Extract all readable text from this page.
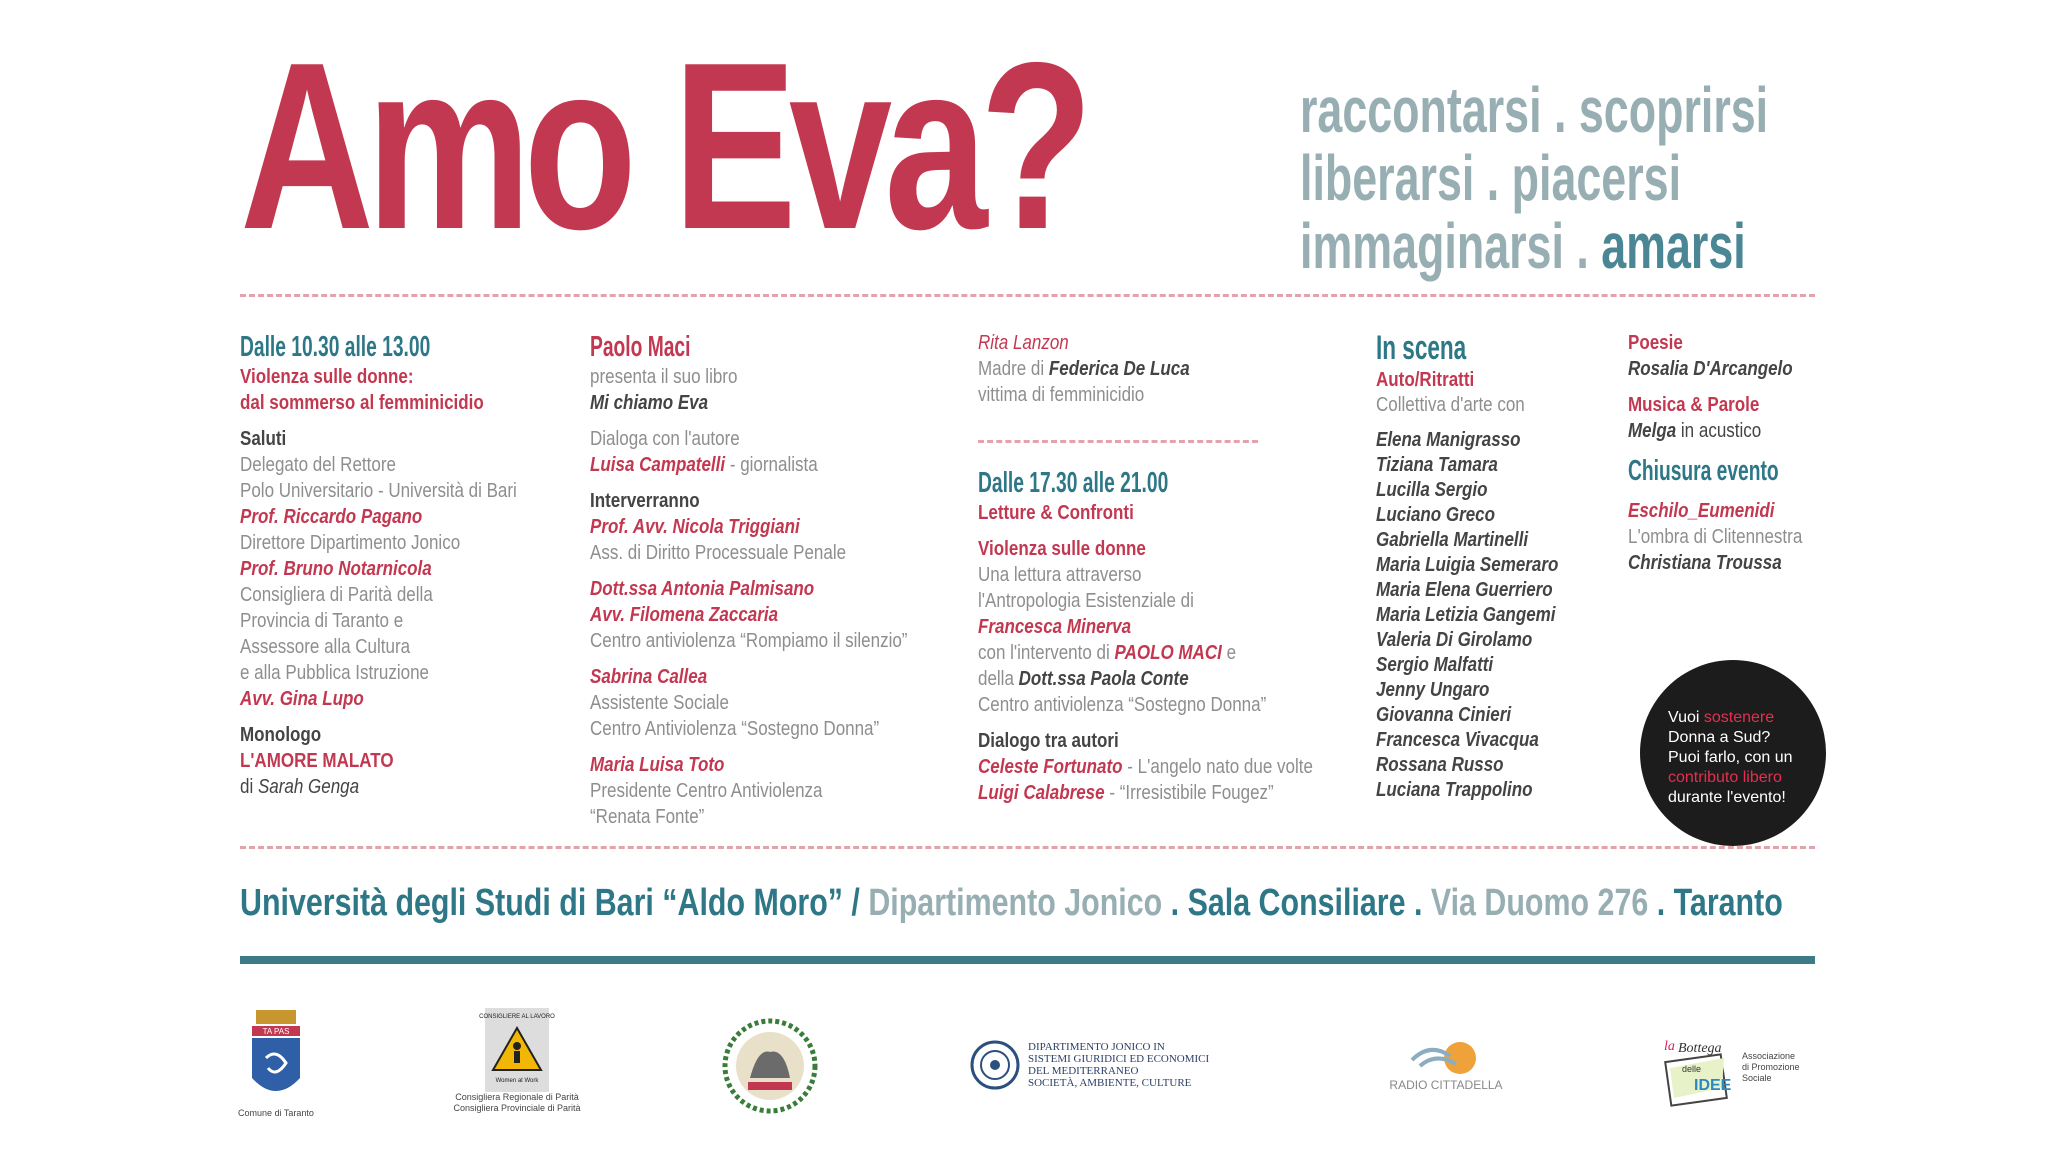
Amo Eva?	raccontarsi . scoprirsi
liberarsi . piacersi
immaginarsi . amarsi

Dalle 10.30 alle 13.00

Violenza sulle donne:

dal sommerso al femminicidio

Saluti

Delegato del Rettore

Polo Universitario - Università di Bari

Prof. Riccardo Pagano

Direttore Dipartimento Jonico

Prof. Bruno Notarnicola

Consigliera di Parità della

Provincia di Taranto e

Assessore alla Cultura

e alla Pubblica Istruzione

Avv. Gina Lupo

Monologo

L'AMORE MALATO

di Sarah Genga

Paolo Maci

presenta il suo libro

Mi chiamo Eva

Dialoga con l'autore

Luisa Campatelli - giornalista

Interverranno

Prof. Avv. Nicola Triggiani

Ass. di Diritto Processuale Penale

Dott.ssa Antonia Palmisano

Avv. Filomena Zaccaria

Centro antiviolenza “Rompiamo il silenzio”

Sabrina Callea

Assistente Sociale

Centro Antiviolenza “Sostegno Donna”

Maria Luisa Toto

Presidente Centro Antiviolenza

“Renata Fonte”

Rita Lanzon

Madre di Federica De Luca

vittima di femminicidio

Dalle 17.30 alle 21.00

Letture & Confronti

Violenza sulle donne

Una lettura attraverso

l'Antropologia Esistenziale di

Francesca Minerva

con l'intervento di PAOLO MACI e

della Dott.ssa Paola Conte

Centro antiviolenza “Sostegno Donna”

Dialogo tra autori

Celeste Fortunato - L'angelo nato due volte

Luigi Calabrese - “Irresistibile Fougez”

In scena

Auto/Ritratti

Collettiva d'arte con

Elena Manigrasso

Tiziana Tamara

Lucilla Sergio

Luciano Greco

Gabriella Martinelli

Maria Luigia Semeraro

Maria Elena Guerriero

Maria Letizia Gangemi

Valeria Di Girolamo

Sergio Malfatti

Jenny Ungaro

Giovanna Cinieri

Francesca Vivacqua

Rossana Russo

Luciana Trappolino

Poesie

Rosalia D'Arcangelo

Musica & Parole

Melga in acustico

Chiusura evento

Eschilo_Eumenidi

L'ombra di Clitennestra

Christiana Troussa

Vuoi sostenere
Donna a Sud?
Puoi farlo, con un
contributo libero
durante l'evento!
Università degli Studi di Bari “Aldo Moro” / Dipartimento Jonico . Sala Consiliare . Via Duomo 276 . Taranto
TA PAS
Comune di Taranto
CONSIGLIERE AL LAVORO
Women at Work
Consigliera Regionale di Parità
Consigliera Provinciale di Parità
DIPARTIMENTO JONICO IN
SISTEMI GIURIDICI ED ECONOMICI
DEL MEDITERRANEO
SOCIETÀ, AMBIENTE, CULTURE	RADIO CITTADELLA
la Bottega
delle
IDEE
Associazione
di Promozione Sociale
